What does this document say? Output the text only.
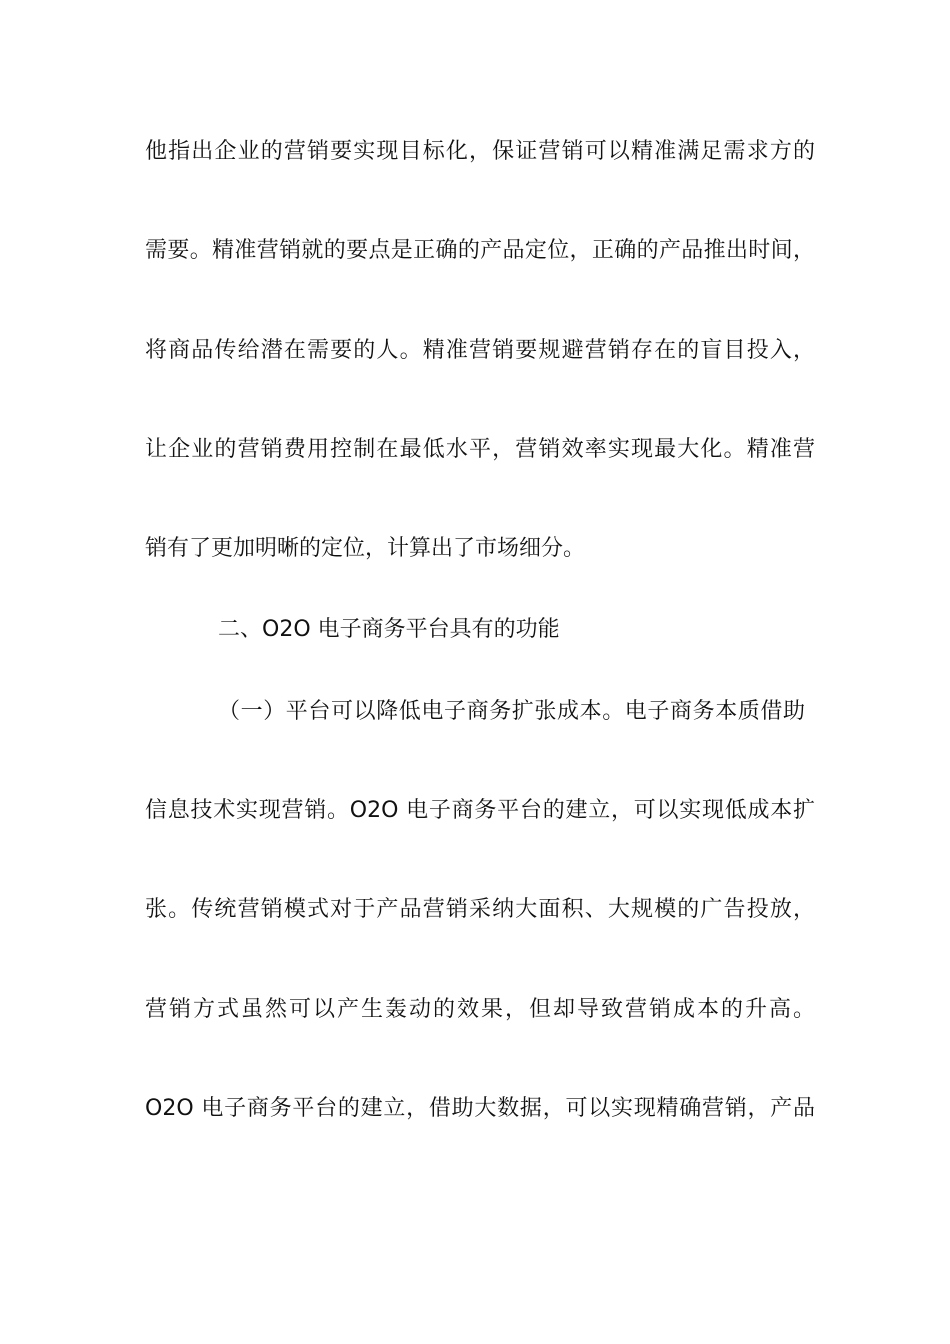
他指出企业的营销要实现目标化，保证营销可以精准满足需求方的
需要。精准营销就的要点是正确的产品定位，正确的产品推出时间，
将商品传给潜在需要的人。精准营销要规避营销存在的盲目投入，
让企业的营销费用控制在最低水平，营销效率实现最大化。精准营
销有了更加明晰的定位，计算出了市场细分。
二、O2O 电子商务平台具有的功能
（一）平台可以降低电子商务扩张成本。电子商务本质借助
信息技术实现营销。O2O 电子商务平台的建立，可以实现低成本扩
张。传统营销模式对于产品营销采纳大面积、大规模的广告投放，
营销方式虽然可以产生轰动的效果，但却导致营销成本的升高。
O2O 电子商务平台的建立，借助大数据，可以实现精确营销，产品
